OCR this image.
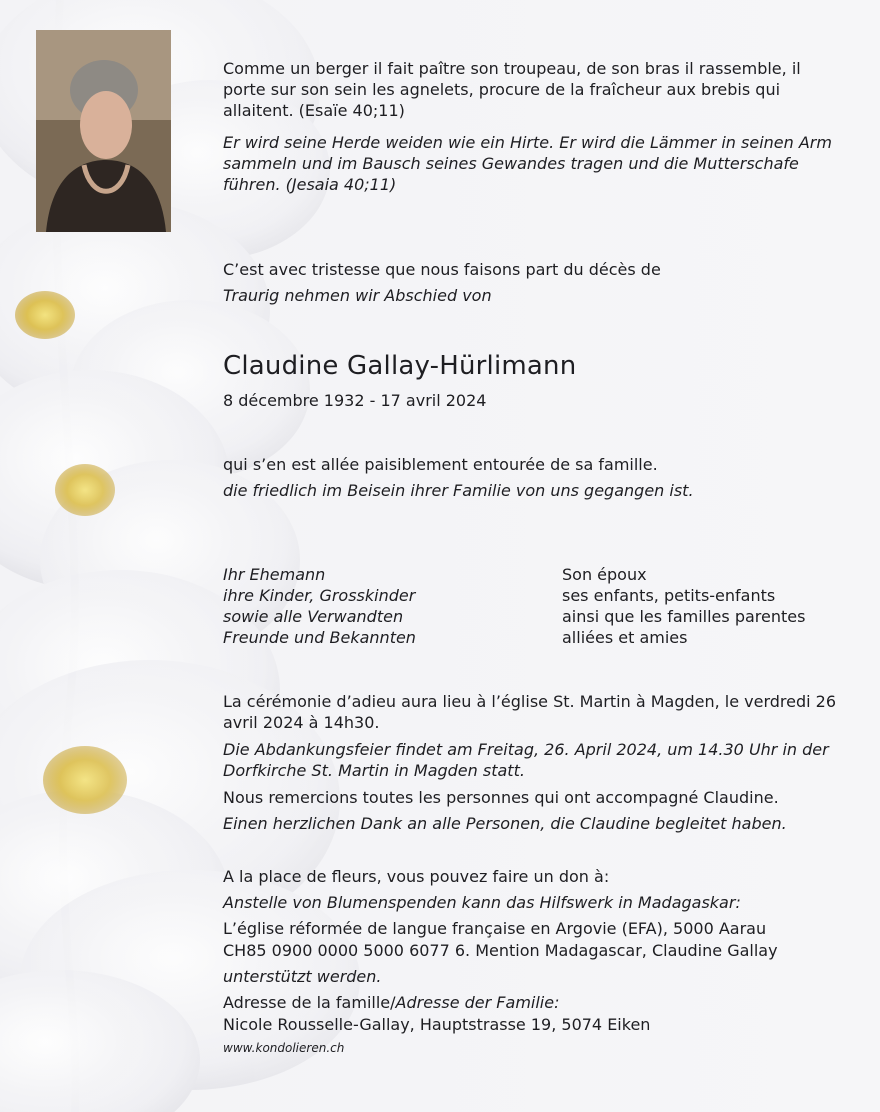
Comme un berger il fait paître son troupeau, de son bras il rassemble, il porte sur son sein les agnelets, procure de la fraîcheur aux brebis qui allaitent. (Esaïe 40;11)

Er wird seine Herde weiden wie ein Hirte. Er wird die Lämmer in seinen Arm sammeln und im Bausch seines Gewandes tragen und die Mutterschafe führen. (Jesaia 40;11)

C’est avec tristesse que nous faisons part du décès de

Traurig nehmen wir Abschied von

Claudine Gallay-Hürlimann

8 décembre 1932 - 17 avril 2024

qui s’en est allée paisiblement entourée de sa famille.

die friedlich im Beisein ihrer Familie von uns gegangen ist.

Ihr Ehemann
ihre Kinder, Grosskinder
sowie alle Verwandten
Freunde und Bekannten
Son époux
ses enfants, petits-enfants
ainsi que les familles parentes
alliées et amies

La cérémonie d’adieu aura lieu à l’église St. Martin à Magden, le verdredi 26 avril 2024 à 14h30.

Die Abdankungsfeier findet am Freitag, 26. April 2024, um 14.30 Uhr in der Dorfkirche St. Martin in Magden statt.

Nous remercions toutes les personnes qui ont accompagné Claudine.

Einen herzlichen Dank an alle Personen, die Claudine begleitet haben.

A la place de fleurs, vous pouvez faire un don à:

Anstelle von Blumenspenden kann das Hilfswerk in Madagaskar:

L’église réformée de langue française en Argovie (EFA), 5000 Aarau

CH85 0900 0000 5000 6077 6. Mention Madagascar, Claudine Gallay

unterstützt werden.

Adresse de la famille/Adresse der Familie:

Nicole Rousselle-Gallay, Hauptstrasse 19, 5074 Eiken

www.kondolieren.ch
